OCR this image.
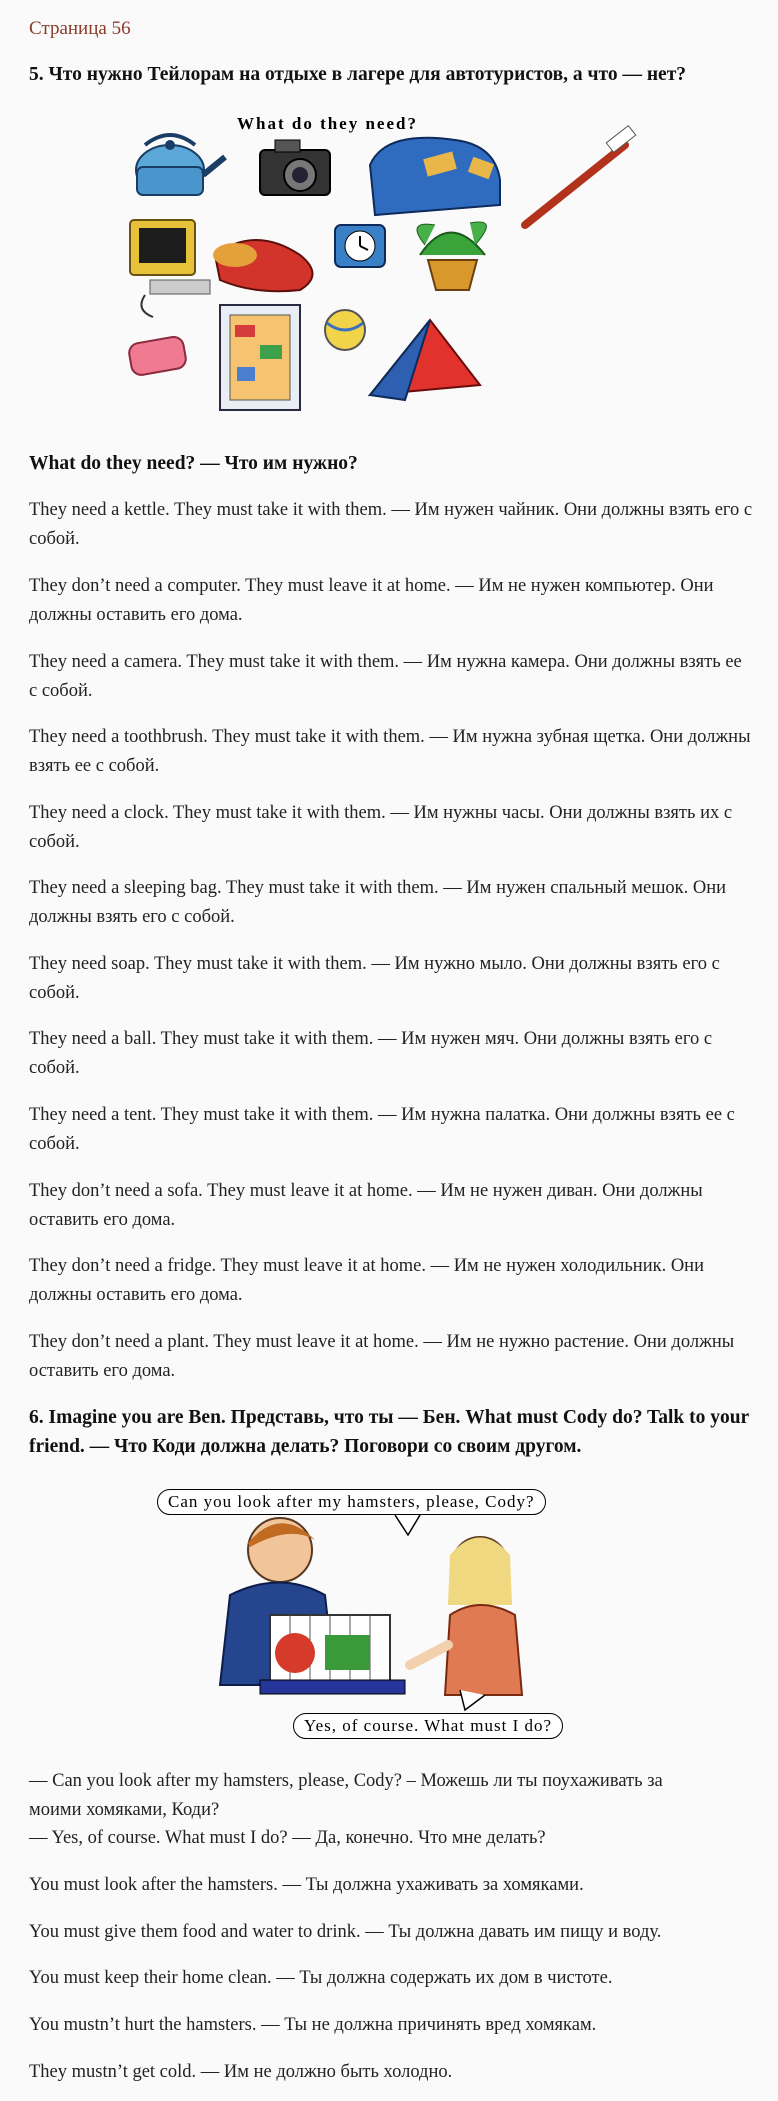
Страница 56
5. Что нужно Тейлорам на отдыхе в лагере для автотуристов, а что — нет?
What do they need?
What do they need? — Что им нужно?
They need a kettle. They must take it with them. — Им нужен чайник. Они должны взять его с собой.
They don’t need a computer. They must leave it at home. — Им не нужен компьютер. Они должны оставить его дома.
They need a camera. They must take it with them. — Им нужна камера. Они должны взять ее с собой.
They need a toothbrush. They must take it with them. — Им нужна зубная щетка. Они должны взять ее с собой.
They need a clock. They must take it with them. — Им нужны часы. Они должны взять их с собой.
They need a sleeping bag. They must take it with them. — Им нужен спальный мешок. Они должны взять его с собой.
They need soap. They must take it with them. — Им нужно мыло. Они должны взять его с собой.
They need a ball. They must take it with them. — Им нужен мяч. Они должны взять его с собой.
They need a tent. They must take it with them. — Им нужна палатка. Они должны взять ее с собой.
They don’t need a sofa. They must leave it at home. — Им не нужен диван. Они должны оставить его дома.
They don’t need a fridge. They must leave it at home. — Им не нужен холодильник. Они должны оставить его дома.
They don’t need a plant. They must leave it at home. — Им не нужно растение. Они должны оставить его дома.
6. Imagine you are Ben. Представь, что ты — Бен. What must Cody do? Talk to your friend. — Что Коди должна делать? Поговори со своим другом.
Can you look after my hamsters, please, Cody?
Yes, of course. What must I do?
— Can you look after my hamsters, please, Cody? – Можешь ли ты поухаживать за
моими хомяками, Коди?
— Yes, of course. What must I do? — Да, конечно. Что мне делать?
You must look after the hamsters. — Ты должна ухаживать за хомяками.
You must give them food and water to drink. — Ты должна давать им пищу и воду.
You must keep their home clean. — Ты должна содержать их дом в чистоте.
You mustn’t hurt the hamsters. — Ты не должна причинять вред хомякам.
They mustn’t get cold. — Им не должно быть холодно.
